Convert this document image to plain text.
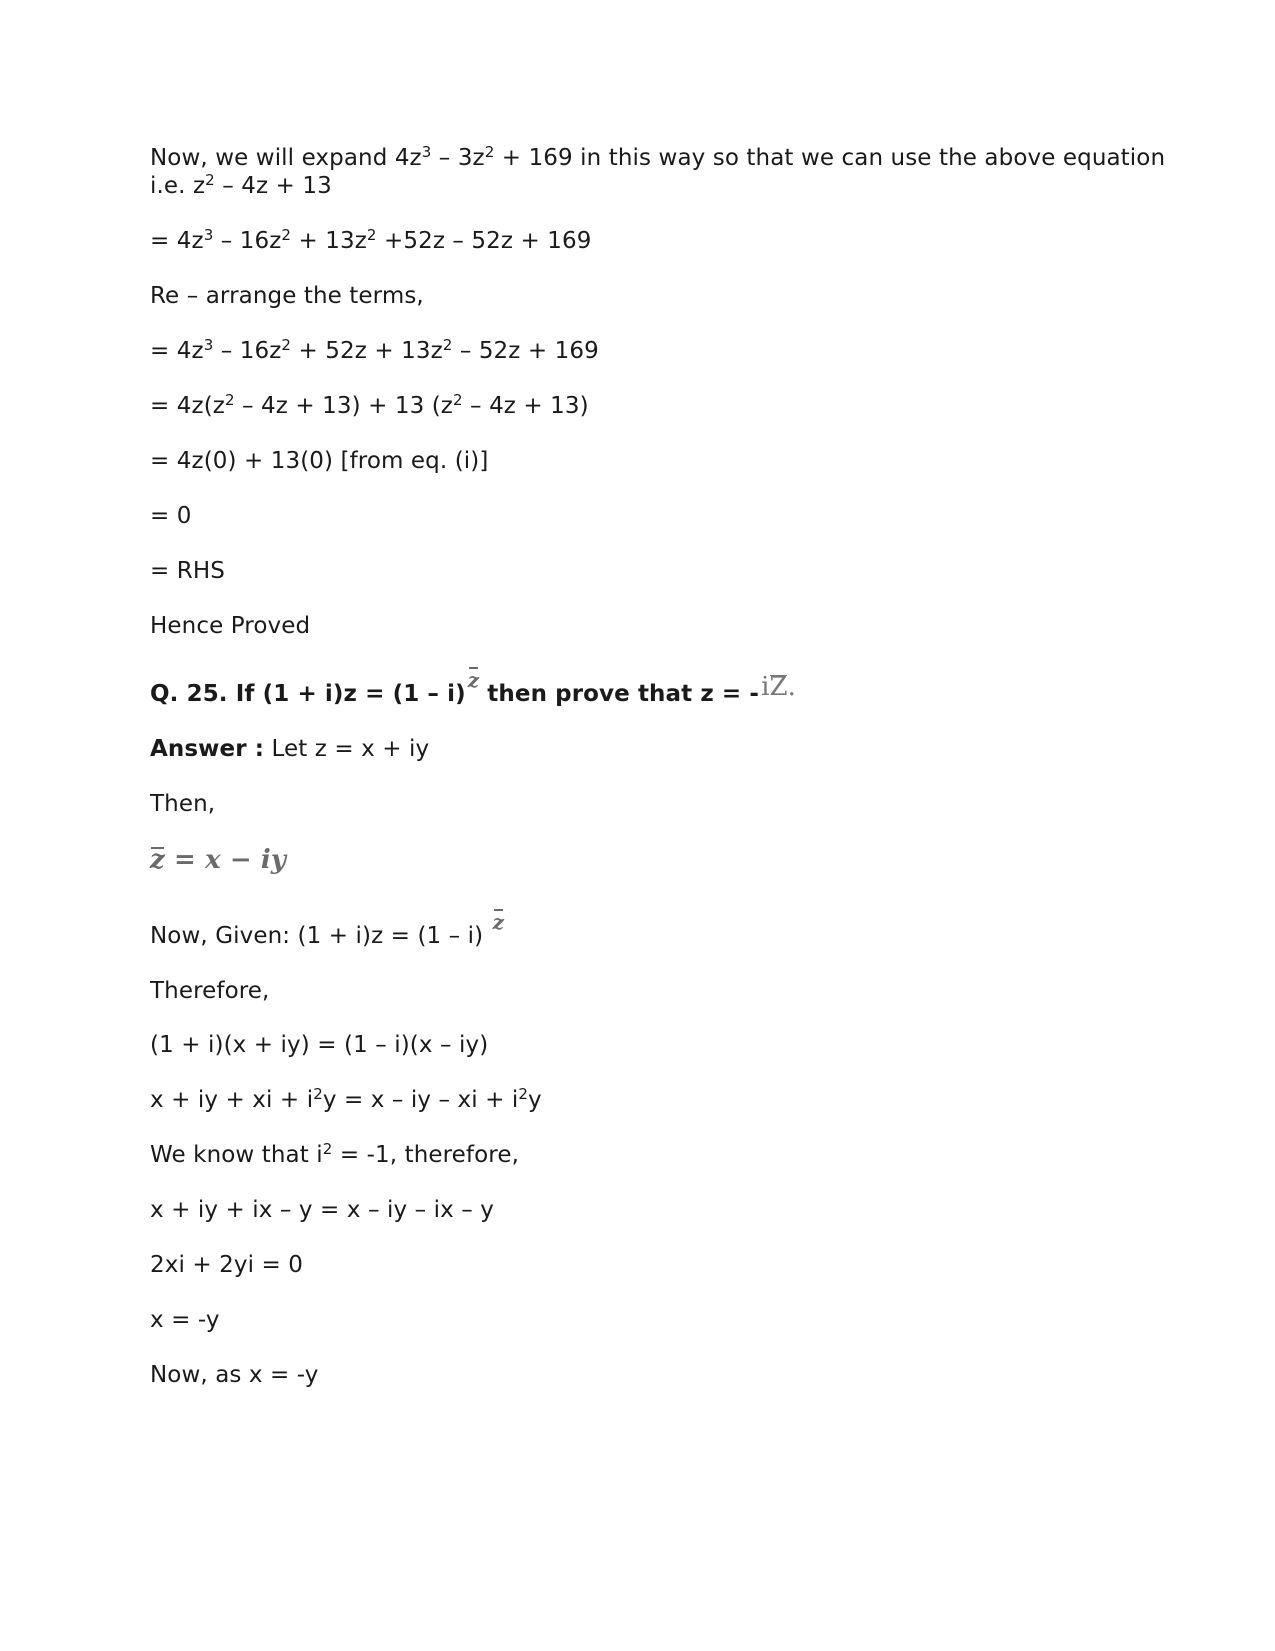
Now, we will expand $4z^3 - 3z^2 + 169$ in this way so that we can use the above equation
i.e. $z^2 - 4z + 13$
= $4z^3 - 16z^2 + 13z^2 +52z - 52z + 169$
Re – arrange the terms,
= $4z^3 - 16z^2 + 52z + 13z^2 - 52z + 169$
= $4z(z^2 - 4z + 13) + 13$ $(z^2 - 4z + 13)$
= 4z(0) + 13(0) [from eq. (i)]
= 0
= RHS
Hence Proved
Q. 25. If (1 + i)z = (1 – i)z then prove that z = -iZ.
Answer : Let z = x + iy
Then,
z = x − iy
Now, Given: (1 + i)z = (1 – i) z
Therefore,
(1 + i)(x + iy) = (1 – i)(x – iy)
x + iy + xi + $i^2y = x$ – iy – xi + $i^2y$
We know that $i^2 = -1$, therefore,
x + iy + ix – y = x – iy – ix – y
2xi + 2yi = 0
x = -y
Now, as x = -y
